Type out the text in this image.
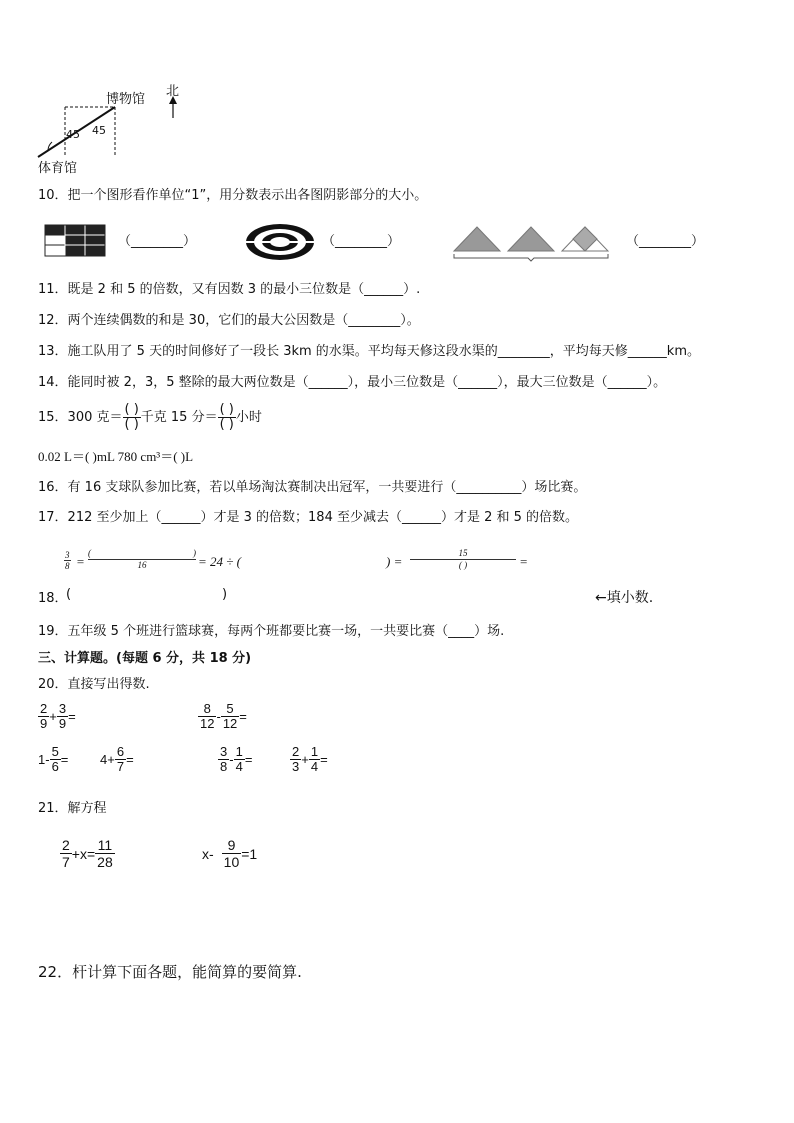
博物馆
北
45 45
体育馆
10．把一个图形看作单位“1”，用分数表示出各图阴影部分的大小。
（________）	（________）	（________）
11．既是 2 和 5 的倍数，又有因数 3 的最小三位数是（______）.
12．两个连续偶数的和是 30，它们的最大公因数是（________）。
13．施工队用了 5 天的时间修好了一段长 3km 的水渠。平均每天修这段水渠的________，平均每天修______km。
14．能同时被 2，3，5 整除的最大两位数是（______），最小三位数是（______），最大三位数是（______）。
15．300 克＝ $\frac{( )}{( )}$ 千克 15 分＝ $\frac{( )}{( )}$ 小时
0.02 L＝( )mL 780 cm³＝( )L
16．有 16 支球队参加比赛，若以单场淘汰赛制决出冠军，一共要进行（__________）场比赛。
17．212 至少加上（______）才是 3 的倍数；184 至少减去（______）才是 2 和 5 的倍数。
$\frac{3}{8}$ =
(	)
16	= 24 ÷ (	) =
15
( )	=
18．
(	)	←填小数.
19．五年级 5 个班进行篮球赛，每两个班都要比赛一场，一共要比赛（____）场.
三、计算题。(每题 6 分，共 18 分)
20．直接写出得数.
$\frac{2}{9} + \frac{3}{9}$ =	$\frac{8}{12} - \frac{5}{12}$ =
$1- \frac{5}{6} = 4+ \frac{6}{7}$ =	$\frac{3}{8} - \frac{1}{4}$ =	$\frac{2}{3} + \frac{1}{4}$ =
21．解方程
$\frac{2}{7} +x= \frac{11}{28}$	$x- \frac{9}{10} =1$
22．杆计算下面各题，能简算的要简算.
